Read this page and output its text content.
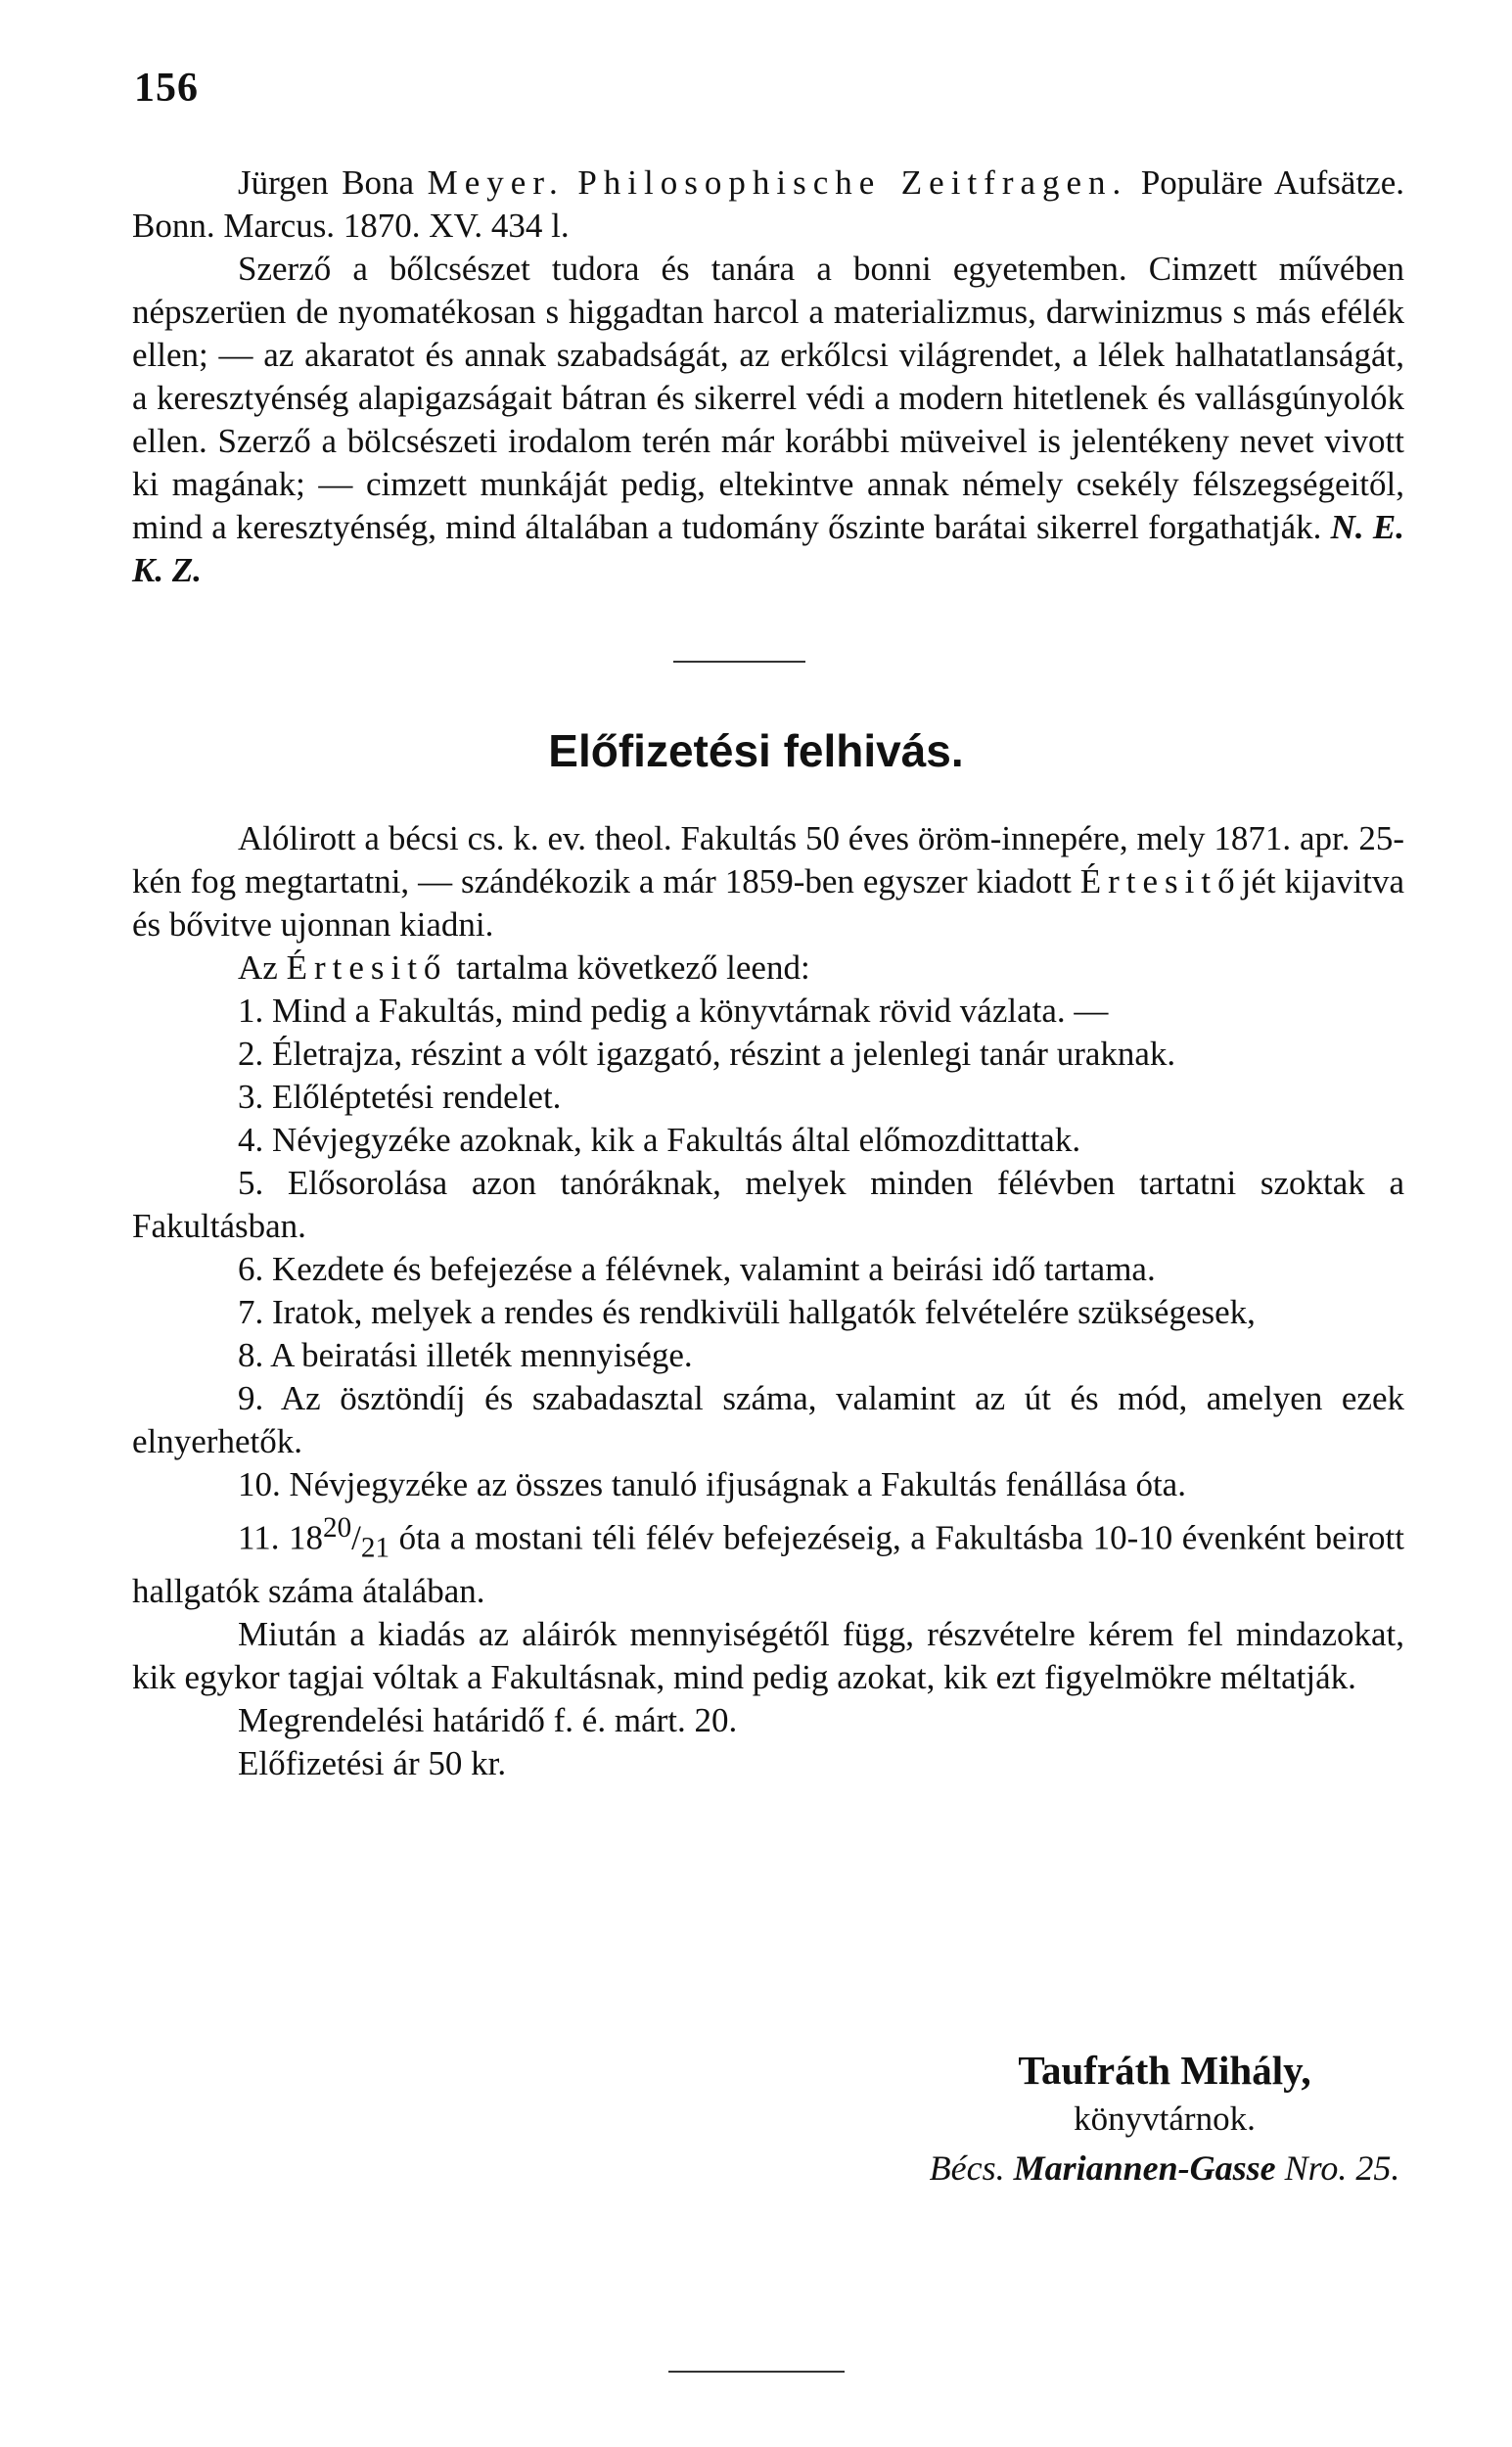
156

Jürgen Bona Meyer. Philosophische Zeitfragen. Populäre Aufsätze. Bonn. Marcus. 1870. XV. 434 l.

Szerző a bőlcsészet tudora és tanára a bonni egyetemben. Cimzett művében népszerüen de nyomatékosan s higgadtan harcol a materializmus, darwinizmus s más efélék ellen; — az akaratot és annak szabadságát, az erkőlcsi világrendet, a lélek halhatatlanságát, a keresztyénség alapigazságait bátran és sikerrel védi a modern hitetlenek és vallásgúnyolók ellen. Szerző a bölcsészeti irodalom terén már korábbi müveivel is jelentékeny nevet vivott ki magának; — cimzett munkáját pedig, eltekintve annak némely csekély félszegségeitől, mind a keresztyénség, mind általában a tudomány őszinte barátai sikerrel forgathatják. N. E. K. Z.

Előfizetési felhivás.

Alólirott a bécsi cs. k. ev. theol. Fakultás 50 éves öröm-innepére, mely 1871. apr. 25-kén fog megtartatni, — szándékozik a már 1859-ben egyszer kiadott Értesitőjét kijavitva és bővitve ujonnan kiadni.

Az Értesitő tartalma következő leend:

1. Mind a Fakultás, mind pedig a könyvtárnak rövid vázlata. —

2. Életrajza, részint a vólt igazgató, részint a jelenlegi tanár uraknak.

3. Előléptetési rendelet.

4. Névjegyzéke azoknak, kik a Fakultás által előmozdittattak.

5. Elősorolása azon tanóráknak, melyek minden félévben tartatni szoktak a Fakultásban.

6. Kezdete és befejezése a félévnek, valamint a beirási idő tartama.

7. Iratok, melyek a rendes és rendkivüli hallgatók felvételére szükségesek,

8. A beiratási illeték mennyisége.

9. Az ösztöndíj és szabadasztal száma, valamint az út és mód, amelyen ezek elnyerhetők.

10. Névjegyzéke az összes tanuló ifjuságnak a Fakultás fenállása óta.

11. $18^{20}/_{21}$ óta a mostani téli félév befejezéseig, a Fakultásba 10-10 évenként beirott hallgatók száma átalában.

Miután a kiadás az aláirók mennyiségétől függ, részvételre kérem fel mindazokat, kik egykor tagjai vóltak a Fakultásnak, mind pedig azokat, kik ezt figyelmökre méltatják.

Megrendelési határidő f. é. márt. 20.

Előfizetési ár 50 kr.

Taufráth Mihály,
könyvtárnok.
Bécs. Mariannen-Gasse Nro. 25.
